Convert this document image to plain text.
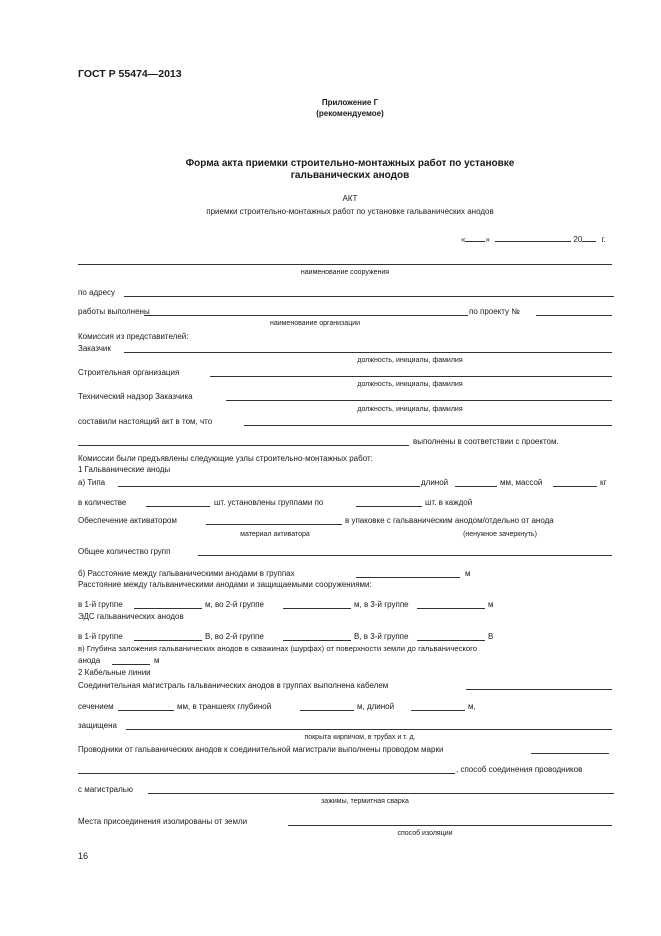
ГОСТ Р 55474—2013
Приложение Г
(рекомендуемое)
Форма акта приемки строительно-монтажных работ по установке
гальванических анодов
АКТ
приемки строительно-монтажных работ по установке гальванических анодов
«	»	20 г.
наименование сооружения
по адресу
работы выполнены	по проекту №
наименование организации
Комиссия из представителей:
Заказчик
должность, инициалы, фамилия
Строительная организация
должность, инициалы, фамилия
Технический надзор Заказчика
должность, инициалы, фамилия
составили настоящий акт в том, что
выполнены в соответствии с проектом.
Комиссии были предъявлены следующие узлы строительно-монтажных работ:
1 Гальванические аноды
а) Типа	длиной	мм, массой	кг
в количестве	шт. установлены группами по	шт. в каждой
Обеспечение активатором	в упаковке с гальваническим анодом/отдельно от анода
материал активатора	(ненужное зачеркнуть)
Общее количество групп
б) Расстояние между гальваническими анодами в группах	м
Расстояние между гальваническими анодами и защищаемыми сооружениями:
в 1-й группе	м, во 2-й группе	м, в 3-й группе	м
ЭДС гальванических анодов
в 1-й группе	В, во 2-й группе	В, в 3-й группе	В
в) Глубина заложения гальванических анодов в скважинах (шурфах) от поверхности земли до гальванического
анода	м
2 Кабельные линии
Соединительная магистраль гальванических анодов в группах выполнена кабелем
сечением	мм, в траншеях глубиной	м, длиной	м,
защищена
покрыта кирпичом, в трубах и т. д.
Проводники от гальванических анодов к соединительной магистрали выполнены проводом марки
, способ соединения проводников
с магистралью
зажимы, термитная сварка
Места присоединения изолированы от земли
способ изоляции
16
